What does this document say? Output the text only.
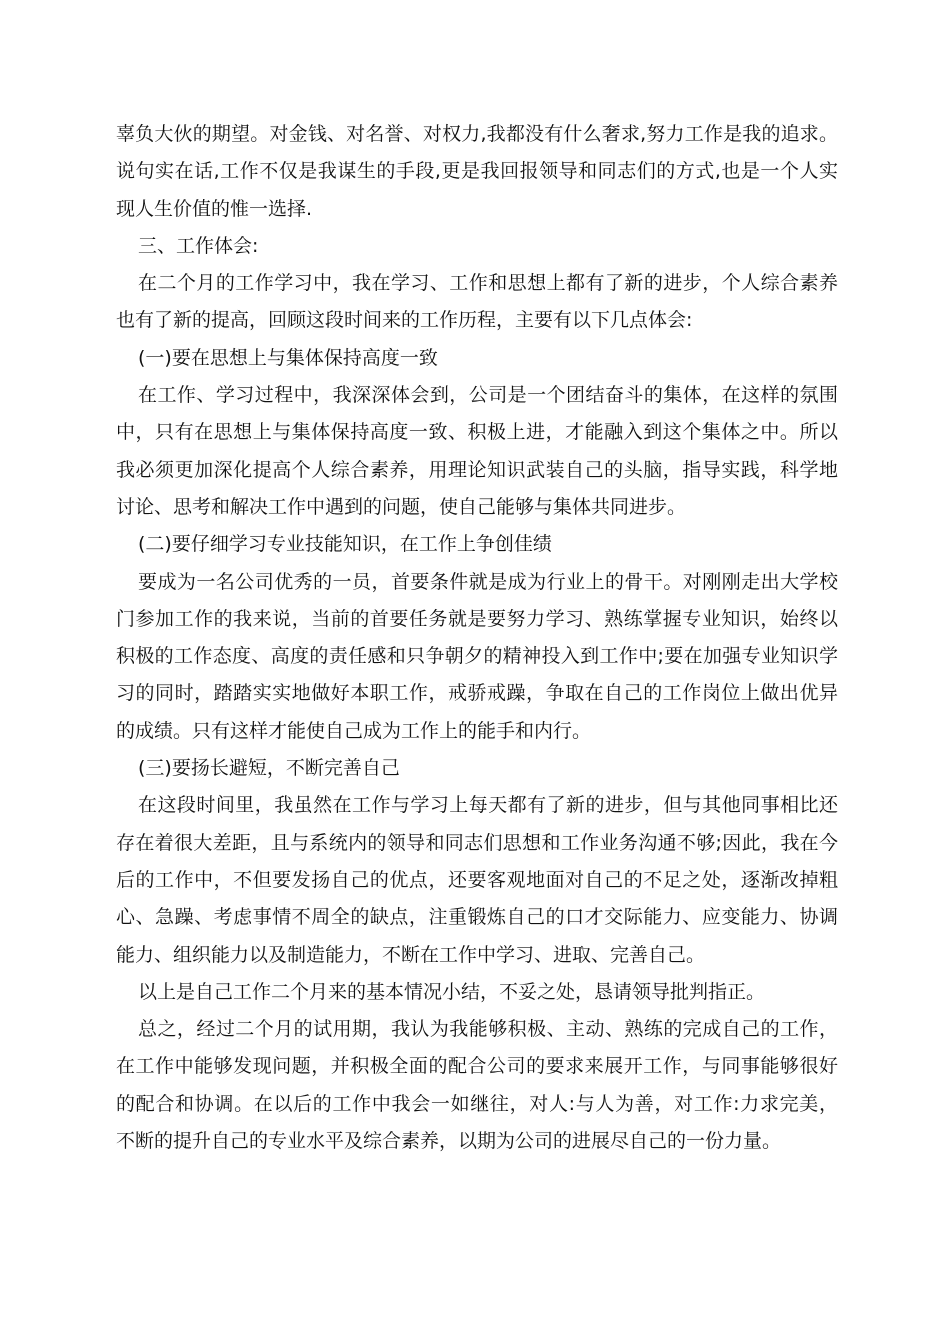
辜负大伙的期望。对金钱、对名誉、对权力,我都没有什么奢求,努力工作是我的追求。
说句实在话,工作不仅是我谋生的手段,更是我回报领导和同志们的方式,也是一个人实
现人生价值的惟一选择.
三、工作体会:
在二个月的工作学习中，我在学习、工作和思想上都有了新的进步，个人综合素养
也有了新的提高，回顾这段时间来的工作历程，主要有以下几点体会:
(一)要在思想上与集体保持高度一致
在工作、学习过程中，我深深体会到，公司是一个团结奋斗的集体，在这样的氛围
中，只有在思想上与集体保持高度一致、积极上进，才能融入到这个集体之中。所以
我必须更加深化提高个人综合素养，用理论知识武装自己的头脑，指导实践，科学地
讨论、思考和解决工作中遇到的问题，使自己能够与集体共同进步。
(二)要仔细学习专业技能知识，在工作上争创佳绩
要成为一名公司优秀的一员，首要条件就是成为行业上的骨干。对刚刚走出大学校
门参加工作的我来说，当前的首要任务就是要努力学习、熟练掌握专业知识，始终以
积极的工作态度、高度的责任感和只争朝夕的精神投入到工作中;要在加强专业知识学
习的同时，踏踏实实地做好本职工作，戒骄戒躁，争取在自己的工作岗位上做出优异
的成绩。只有这样才能使自己成为工作上的能手和内行。
(三)要扬长避短，不断完善自己
在这段时间里，我虽然在工作与学习上每天都有了新的进步，但与其他同事相比还
存在着很大差距，且与系统内的领导和同志们思想和工作业务沟通不够;因此，我在今
后的工作中，不但要发扬自己的优点，还要客观地面对自己的不足之处，逐渐改掉粗
心、急躁、考虑事情不周全的缺点，注重锻炼自己的口才交际能力、应变能力、协调
能力、组织能力以及制造能力，不断在工作中学习、进取、完善自己。
以上是自己工作二个月来的基本情况小结，不妥之处，恳请领导批判指正。
总之，经过二个月的试用期，我认为我能够积极、主动、熟练的完成自己的工作，
在工作中能够发现问题，并积极全面的配合公司的要求来展开工作，与同事能够很好
的配合和协调。在以后的工作中我会一如继往，对人:与人为善，对工作:力求完美，
不断的提升自己的专业水平及综合素养，以期为公司的进展尽自己的一份力量。
